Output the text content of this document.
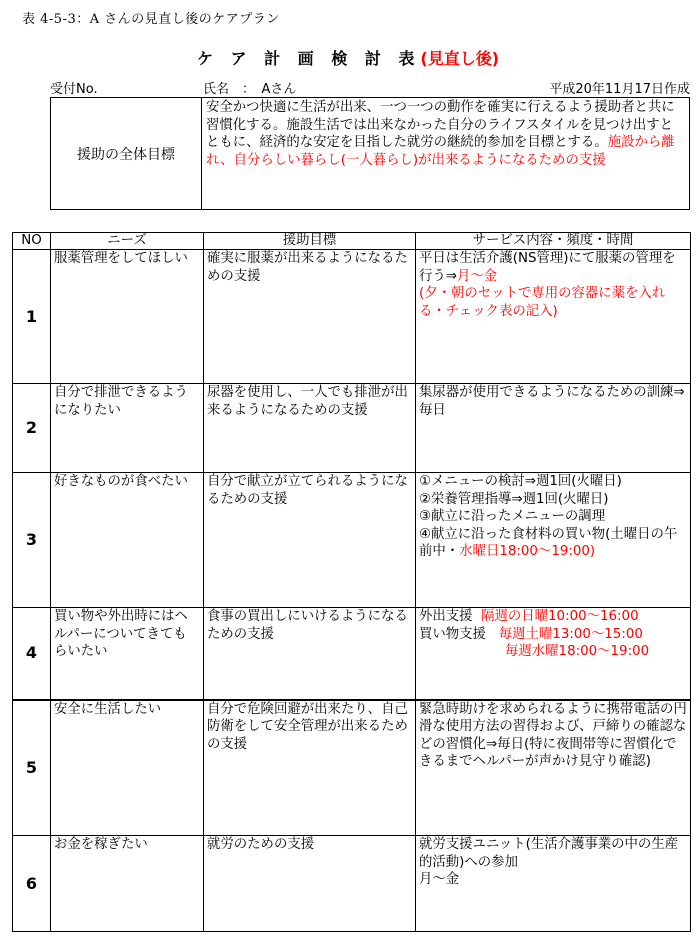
表 4-5-3：A さんの見直し後のケアプラン
ケ ア 計 画 検 討 表(見直し後)
受付No.	氏名　：　Aさん	平成20年11月17日作成
援助の全体目標
安全かつ快適に生活が出来、一つ一つの動作を確実に行えるよう援助者と共に習慣化する。施設生活では出来なかった自分のライフスタイルを見つけ出すとともに、経済的な安定を目指した就労の継続的参加を目標とする。施設から離れ、自分らしい暮らし(一人暮らし)が出来るようになるための支援
NO	ニーズ	援助目標	サービス内容・頻度・時間
1	服薬管理をしてほしい	確実に服薬が出来るようになるための支援	平日は生活介護(NS管理)にて服薬の管理を行う⇒月～金
(夕・朝のセットで専用の容器に薬を入れる・チェック表の記入)

2	自分で排泄できるようになりたい	尿器を使用し、一人でも排泄が出来るようになるための支援	集尿器が使用できるようになるための訓練⇒毎日
3	好きなものが食べたい	自分で献立が立てられるようになるための支援	①メニューの検討⇒週1回(火曜日)
②栄養管理指導⇒週1回(火曜日)
③献立に沿ったメニューの調理
④献立に沿った食材料の買い物(土曜日の午前中・水曜日18:00～19:00)
4	買い物や外出時にはヘルパーについてきてもらいたい	食事の買出しにいけるようになるための支援	外出支援 隔週の日曜10:00～16:00
買い物支援 毎週土曜13:00～15:00
毎週水曜18:00～19:00

5	安全に生活したい	自分で危険回避が出来たり、自己防衛をして安全管理が出来るための支援	緊急時助けを求められるように携帯電話の円滑な使用方法の習得および、戸締りの確認などの習慣化⇒毎日(特に夜間帯等に習慣化できるまでヘルパーが声かけ見守り確認)
6	お金を稼ぎたい	就労のための支援	就労支援ユニット(生活介護事業の中の生産的活動)への参加
月～金
